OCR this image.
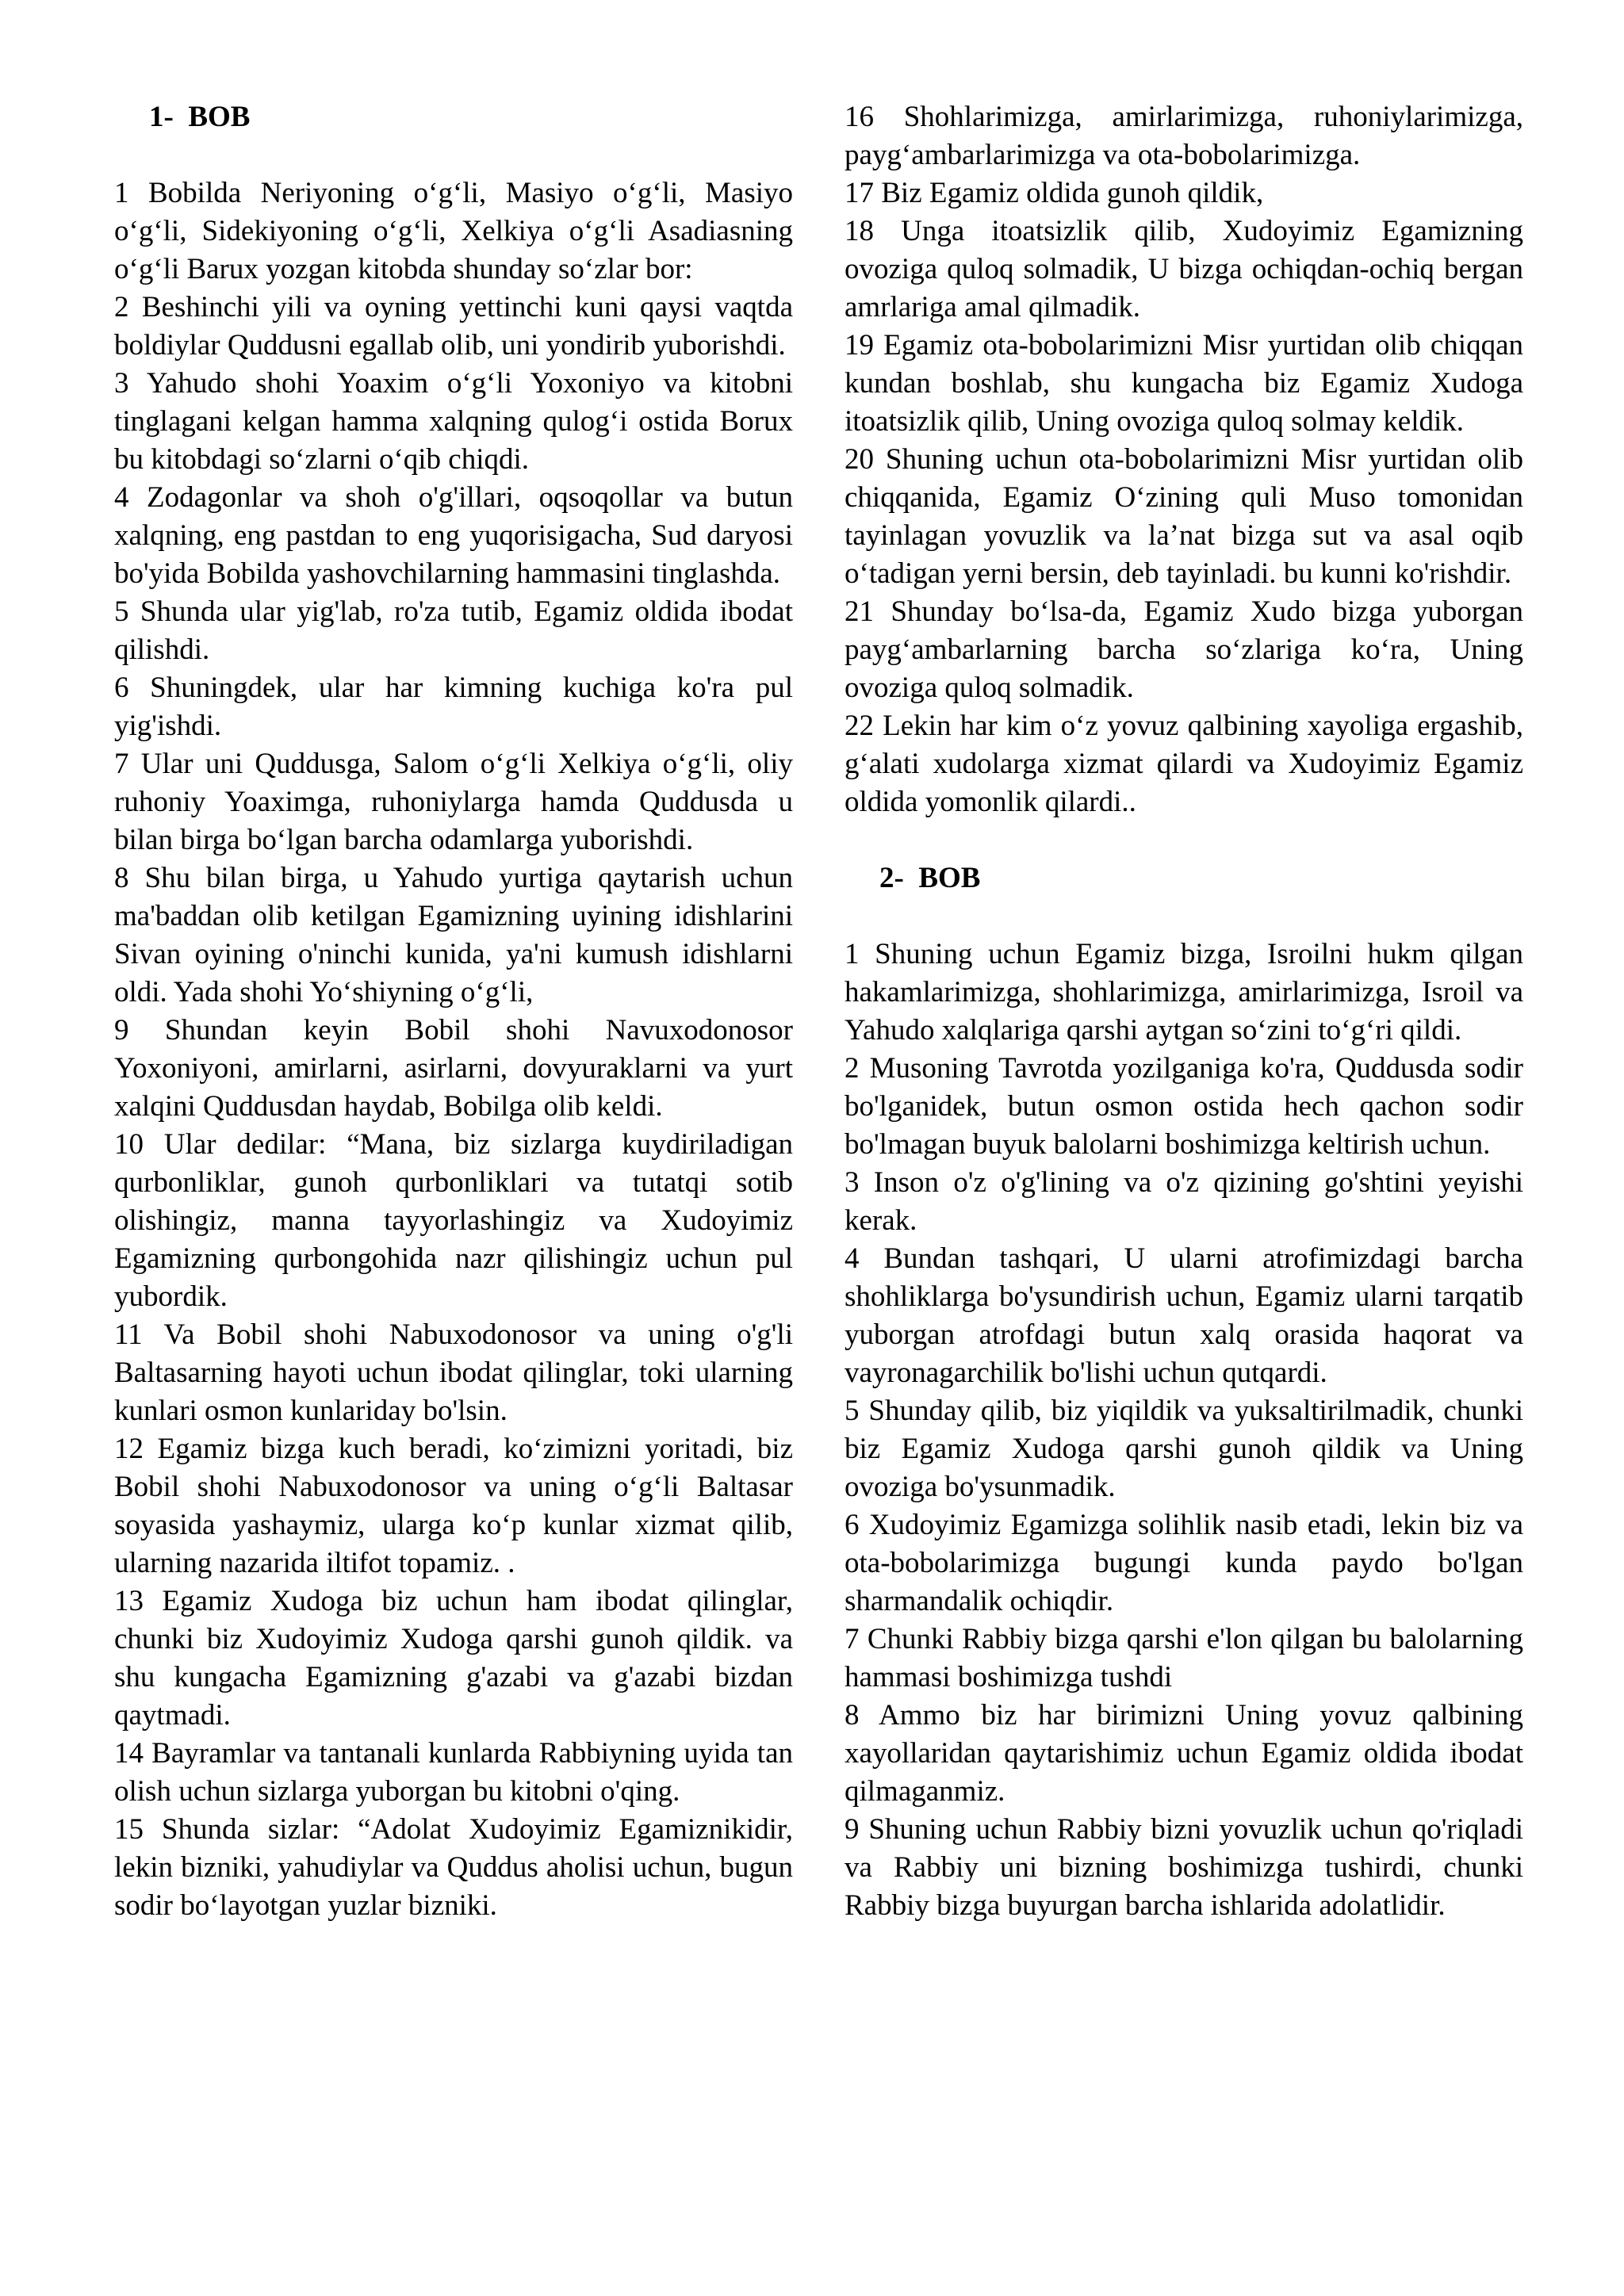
1-  BOB

1 Bobilda Neriyoning o‘g‘li, Masiyo o‘g‘li, Masiyo o‘g‘li, Sidekiyoning o‘g‘li, Xelkiya o‘g‘li Asadiasning o‘g‘li Barux yozgan kitobda shunday so‘zlar bor:

2 Beshinchi yili va oyning yettinchi kuni qaysi vaqtda boldiylar Quddusni egallab olib, uni yondirib yuborishdi.

3 Yahudo shohi Yoaxim o‘g‘li Yoxoniyo va kitobni tinglagani kelgan hamma xalqning qulog‘i ostida Borux bu kitobdagi so‘zlarni o‘qib chiqdi.

4 Zodagonlar va shoh o'g'illari, oqsoqollar va butun xalqning, eng pastdan to eng yuqorisigacha, Sud daryosi bo'yida Bobilda yashovchilarning hammasini tinglashda.

5 Shunda ular yig'lab, ro'za tutib, Egamiz oldida ibodat qilishdi.

6 Shuningdek, ular har kimning kuchiga ko'ra pul yig'ishdi.

7 Ular uni Quddusga, Salom o‘g‘li Xelkiya o‘g‘li, oliy ruhoniy Yoaximga, ruhoniylarga hamda Quddusda u bilan birga bo‘lgan barcha odamlarga yuborishdi.

8 Shu bilan birga, u Yahudo yurtiga qaytarish uchun ma'baddan olib ketilgan Egamizning uyining idishlarini Sivan oyining o'ninchi kunida, ya'ni kumush idishlarni oldi. Yada shohi Yo‘shiyning o‘g‘li,

9 Shundan keyin Bobil shohi Navuxodonosor Yoxoniyoni, amirlarni, asirlarni, dovyuraklarni va yurt xalqini Quddusdan haydab, Bobilga olib keldi.

10 Ular dedilar: “Mana, biz sizlarga kuydiriladigan qurbonliklar, gunoh qurbonliklari va tutatqi sotib olishingiz, manna tayyorlashingiz va Xudoyimiz Egamizning qurbongohida nazr qilishingiz uchun pul yubordik.

11 Va Bobil shohi Nabuxodonosor va uning o'g'li Baltasarning hayoti uchun ibodat qilinglar, toki ularning kunlari osmon kunlariday bo'lsin.

12 Egamiz bizga kuch beradi, ko‘zimizni yoritadi, biz Bobil shohi Nabuxodonosor va uning o‘g‘li Baltasar soyasida yashaymiz, ularga ko‘p kunlar xizmat qilib, ularning nazarida iltifot topamiz. .

13 Egamiz Xudoga biz uchun ham ibodat qilinglar, chunki biz Xudoyimiz Xudoga qarshi gunoh qildik. va shu kungacha Egamizning g'azabi va g'azabi bizdan qaytmadi.

14 Bayramlar va tantanali kunlarda Rabbiyning uyida tan olish uchun sizlarga yuborgan bu kitobni o'qing.

15 Shunda sizlar: “Adolat Xudoyimiz Egamiznikidir, lekin bizniki, yahudiylar va Quddus aholisi uchun, bugun sodir bo‘layotgan yuzlar bizniki.

16 Shohlarimizga, amirlarimizga, ruhoniylarimizga, payg‘ambarlarimizga va ota-bobolarimizga.

17 Biz Egamiz oldida gunoh qildik,

18 Unga itoatsizlik qilib, Xudoyimiz Egamizning ovoziga quloq solmadik, U bizga ochiqdan-ochiq bergan amrlariga amal qilmadik.

19 Egamiz ota-bobolarimizni Misr yurtidan olib chiqqan kundan boshlab, shu kungacha biz Egamiz Xudoga itoatsizlik qilib, Uning ovoziga quloq solmay keldik.

20 Shuning uchun ota-bobolarimizni Misr yurtidan olib chiqqanida, Egamiz O‘zining quli Muso tomonidan tayinlagan yovuzlik va la’nat bizga sut va asal oqib o‘tadigan yerni bersin, deb tayinladi. bu kunni ko'rishdir.

21 Shunday bo‘lsa-da, Egamiz Xudo bizga yuborgan payg‘ambarlarning barcha so‘zlariga ko‘ra, Uning ovoziga quloq solmadik.

22 Lekin har kim o‘z yovuz qalbining xayoliga ergashib, g‘alati xudolarga xizmat qilardi va Xudoyimiz Egamiz oldida yomonlik qilardi..

2-  BOB

1 Shuning uchun Egamiz bizga, Isroilni hukm qilgan hakamlarimizga, shohlarimizga, amirlarimizga, Isroil va Yahudo xalqlariga qarshi aytgan so‘zini to‘g‘ri qildi.

2 Musoning Tavrotda yozilganiga ko'ra, Quddusda sodir bo'lganidek, butun osmon ostida hech qachon sodir bo'lmagan buyuk balolarni boshimizga keltirish uchun.

3 Inson o'z o'g'lining va o'z qizining go'shtini yeyishi kerak.

4 Bundan tashqari, U ularni atrofimizdagi barcha shohliklarga bo'ysundirish uchun, Egamiz ularni tarqatib yuborgan atrofdagi butun xalq orasida haqorat va vayronagarchilik bo'lishi uchun qutqardi.

5 Shunday qilib, biz yiqildik va yuksaltirilmadik, chunki biz Egamiz Xudoga qarshi gunoh qildik va Uning ovoziga bo'ysunmadik.

6 Xudoyimiz Egamizga solihlik nasib etadi, lekin biz va ota-bobolarimizga bugungi kunda paydo bo'lgan sharmandalik ochiqdir.

7 Chunki Rabbiy bizga qarshi e'lon qilgan bu balolarning hammasi boshimizga tushdi

8 Ammo biz har birimizni Uning yovuz qalbining xayollaridan qaytarishimiz uchun Egamiz oldida ibodat qilmaganmiz.

9 Shuning uchun Rabbiy bizni yovuzlik uchun qo'riqladi va Rabbiy uni bizning boshimizga tushirdi, chunki Rabbiy bizga buyurgan barcha ishlarida adolatlidir.
